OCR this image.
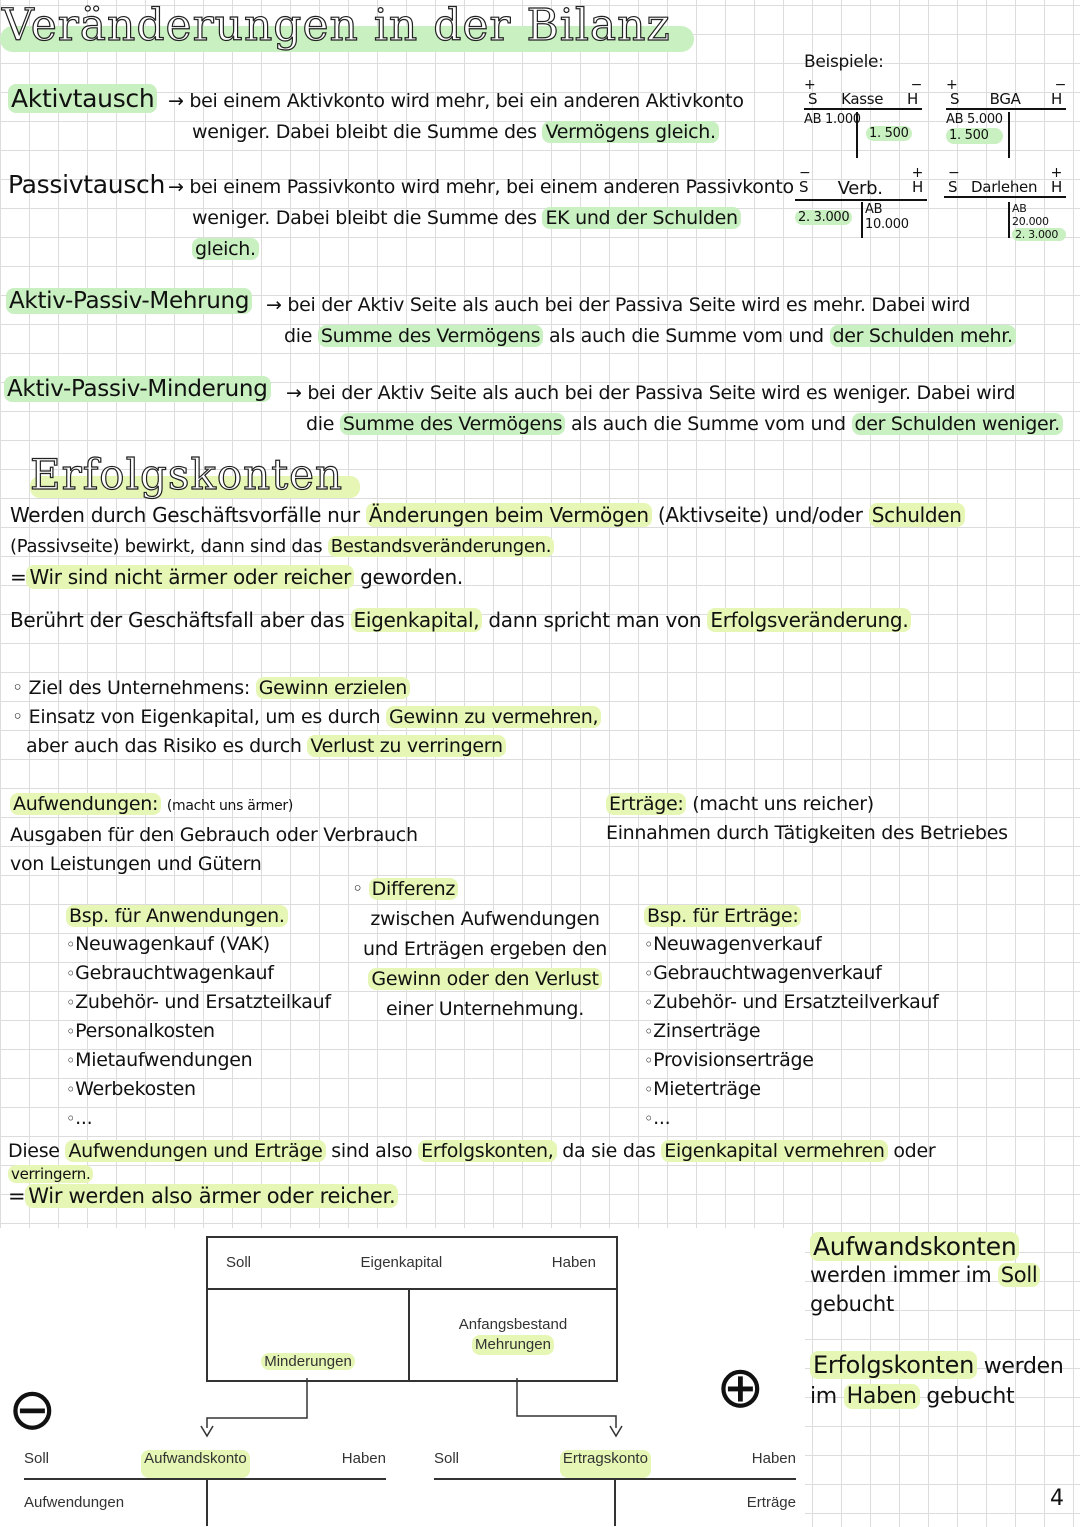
Veränderungen in der Bilanz
Aktivtausch → bei einem Aktivkonto wird mehr, bei ein anderen Aktivkonto
weniger. Dabei bleibt die Summe des Vermögens gleich.
Passivtausch → bei einem Passivkonto wird mehr, bei einem anderen Passivkonto
weniger. Dabei bleibt die Summe des EK und der Schulden
gleich.
Beispiele:
+	−
S Kasse H
AB 1.000
1. 500
+	−
S BGA H
AB 5.000
1. 500
−	+
S Verb. H
2. 3.000
AB 10.000
−	+
S Darlehen H
AB 20.000
2. 3.000
Aktiv-Passiv-Mehrung → bei der Aktiv Seite als auch bei der Passiva Seite wird es mehr. Dabei wird
die Summe des Vermögens als auch die Summe vom und der Schulden mehr.
Aktiv-Passiv-Minderung → bei der Aktiv Seite als auch bei der Passiva Seite wird es weniger. Dabei wird
die Summe des Vermögens als auch die Summe vom und der Schulden weniger.
Erfolgskonten
Werden durch Geschäftsvorfälle nur Änderungen beim Vermögen (Aktivseite) und/oder Schulden
(Passivseite) bewirkt, dann sind das Bestandsveränderungen.
= Wir sind nicht ärmer oder reicher geworden.
Berührt der Geschäftsfall aber das Eigenkapital, dann spricht man von Erfolgsveränderung.
◦ Ziel des Unternehmens: Gewinn erzielen
◦ Einsatz von Eigenkapital, um es durch Gewinn zu vermehren,
aber auch das Risiko es durch Verlust zu verringern
Aufwendungen: (macht uns ärmer)
Ausgaben für den Gebrauch oder Verbrauch
von Leistungen und Gütern
Erträge: (macht uns reicher)
Einnahmen durch Tätigkeiten des Betriebes
Bsp. für Anwendungen.
◦ Neuwagenkauf (VAK)
◦ Gebrauchtwagenkauf
◦ Zubehör- und Ersatzteilkauf
◦ Personalkosten
◦ Mietaufwendungen
◦ Werbekosten
◦ ...
◦ Differenz
zwischen Aufwendungen
und Erträgen ergeben den
Gewinn oder den Verlust
einer Unternehmung.
Bsp. für Erträge:
◦ Neuwagenverkauf
◦ Gebrauchtwagenverkauf
◦ Zubehör- und Ersatzteilverkauf
◦ Zinserträge
◦ Provisionserträge
◦ Mieterträge
◦ ...
Diese Aufwendungen und Erträge sind also Erfolgskonten, da sie das Eigenkapital vermehren oder
verringern.
= Wir werden also ärmer oder reicher.
Soll	Eigenkapital	Haben
Minderungen
Anfangsbestand
Mehrungen
⊖	⊕
Soll	Aufwandskonto	Haben
Aufwendungen
Soll	Ertragskonto	Haben
Erträge
Aufwandskonten
werden immer im Soll
gebucht
Erfolgskonten werden
im Haben gebucht
4
